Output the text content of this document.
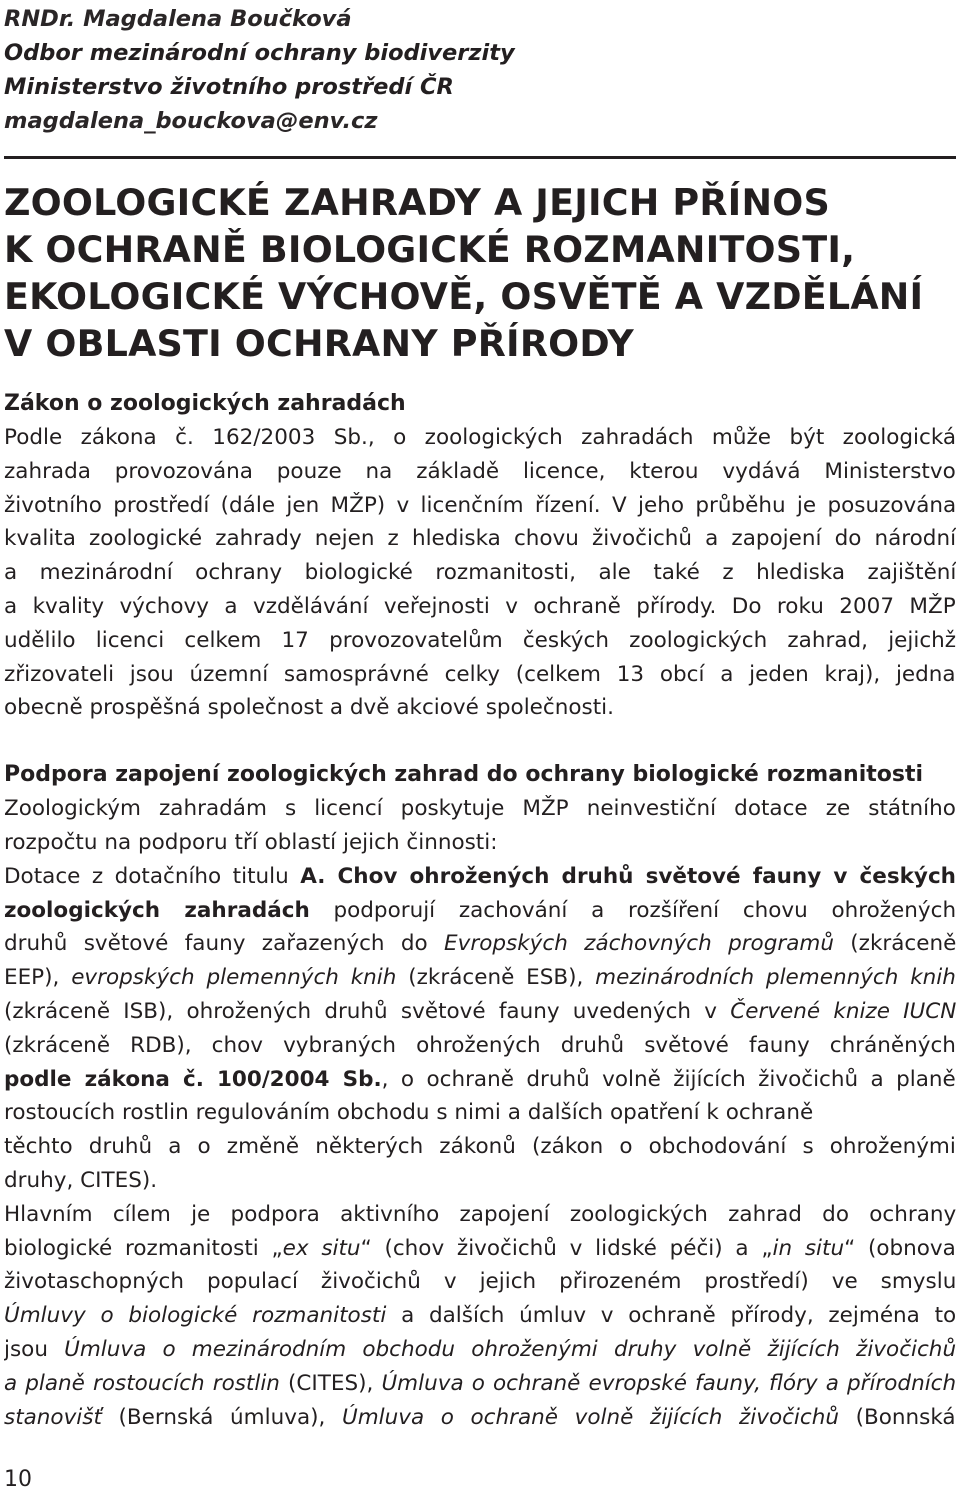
RNDr. Magdalena Boučková
Odbor mezinárodní ochrany biodiverzity
Ministerstvo životního prostředí ČR
magdalena_bouckova@env.cz
ZOOLOGICKÉ ZAHRADY A JEJICH PŘÍNOS
K OCHRANĚ BIOLOGICKÉ ROZMANITOSTI,
EKOLOGICKÉ VÝCHOVĚ, OSVĚTĚ A VZDĚLÁNÍ
V OBLASTI OCHRANY PŘÍRODY
Zákon o zoologických zahradách
Podle zákona č. 162/2003 Sb., o zoologických zahradách může být zoologická
zahrada provozována pouze na základě licence, kterou vydává Ministerstvo
životního prostředí (dále jen MŽP) v licenčním řízení. V jeho průběhu je posuzována
kvalita zoologické zahrady nejen z hlediska chovu živočichů a zapojení do národní
a mezinárodní ochrany biologické rozmanitosti, ale také z hlediska zajištění
a kvality výchovy a vzdělávání veřejnosti v ochraně přírody. Do roku 2007 MŽP
udělilo licenci celkem 17 provozovatelům českých zoologických zahrad, jejichž
zřizovateli jsou územní samosprávné celky (celkem 13 obcí a jeden kraj), jedna
obecně prospěšná společnost a dvě akciové společnosti.
Podpora zapojení zoologických zahrad do ochrany biologické rozmanitosti
Zoologickým zahradám s licencí poskytuje MŽP neinvestiční dotace ze státního
rozpočtu na podporu tří oblastí jejich činnosti:
Dotace z dotačního titulu A. Chov ohrožených druhů světové fauny v českých
zoologických zahradách podporují zachování a rozšíření chovu ohrožených
druhů světové fauny zařazených do Evropských záchovných programů (zkráceně
EEP), evropských plemenných knih (zkráceně ESB), mezinárodních plemenných knih
(zkráceně ISB), ohrožených druhů světové fauny uvedených v Červené knize IUCN
(zkráceně RDB), chov vybraných ohrožených druhů světové fauny chráněných
podle zákona č. 100/2004 Sb., o ochraně druhů volně žijících živočichů a planě
rostoucích rostlin regulováním obchodu s nimi a dalších opatření k ochraně
těchto druhů a o změně některých zákonů (zákon o obchodování s ohroženými
druhy, CITES).
Hlavním cílem je podpora aktivního zapojení zoologických zahrad do ochrany
biologické rozmanitosti „ex situ“ (chov živočichů v lidské péči) a „in situ“ (obnova
životaschopných populací živočichů v jejich přirozeném prostředí) ve smyslu
Úmluvy o biologické rozmanitosti a dalších úmluv v ochraně přírody, zejména to
jsou Úmluva o mezinárodním obchodu ohroženými druhy volně žijících živočichů
a planě rostoucích rostlin (CITES), Úmluva o ochraně evropské fauny, flóry a přírodních
stanovišť (Bernská úmluva), Úmluva o ochraně volně žijících živočichů (Bonnská
10
